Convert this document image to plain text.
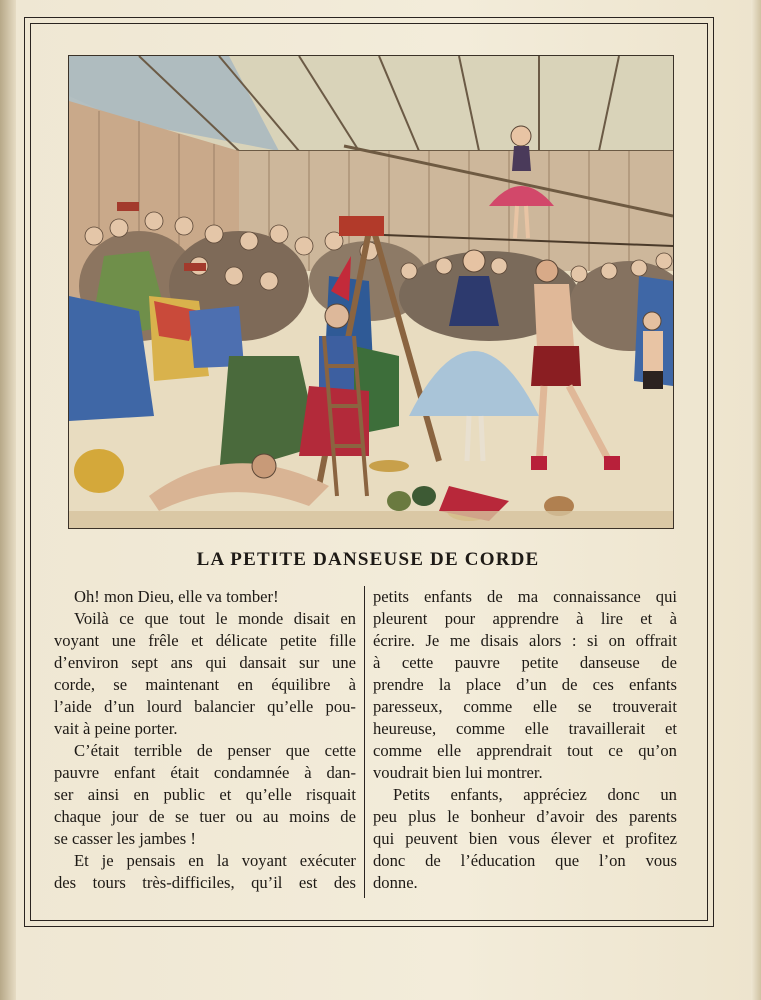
LA PETITE DANSEUSE DE CORDE
Oh! mon Dieu, elle va tomber!
Voilà ce que tout le monde disait en
voyant une frêle et délicate petite fille
d’environ sept ans qui dansait sur une
corde, se maintenant en équilibre à
l’aide d’un lourd balancier qu’elle pou-
vait à peine porter.
C’était terrible de penser que cette
pauvre enfant était condamnée à dan-
ser ainsi en public et qu’elle risquait
chaque jour de se tuer ou au moins de
se casser les jambes !
Et je pensais en la voyant exécuter
des tours très-difficiles, qu’il est des
petits enfants de ma connaissance qui
pleurent pour apprendre à lire et à
écrire. Je me disais alors : si on offrait
à cette pauvre petite danseuse de
prendre la place d’un de ces enfants
paresseux, comme elle se trouverait
heureuse, comme elle travaillerait et
comme elle apprendrait tout ce qu’on
voudrait bien lui montrer.
Petits enfants, appréciez donc un
peu plus le bonheur d’avoir des parents
qui peuvent bien vous élever et profitez
donc de l’éducation que l’on vous
donne.
